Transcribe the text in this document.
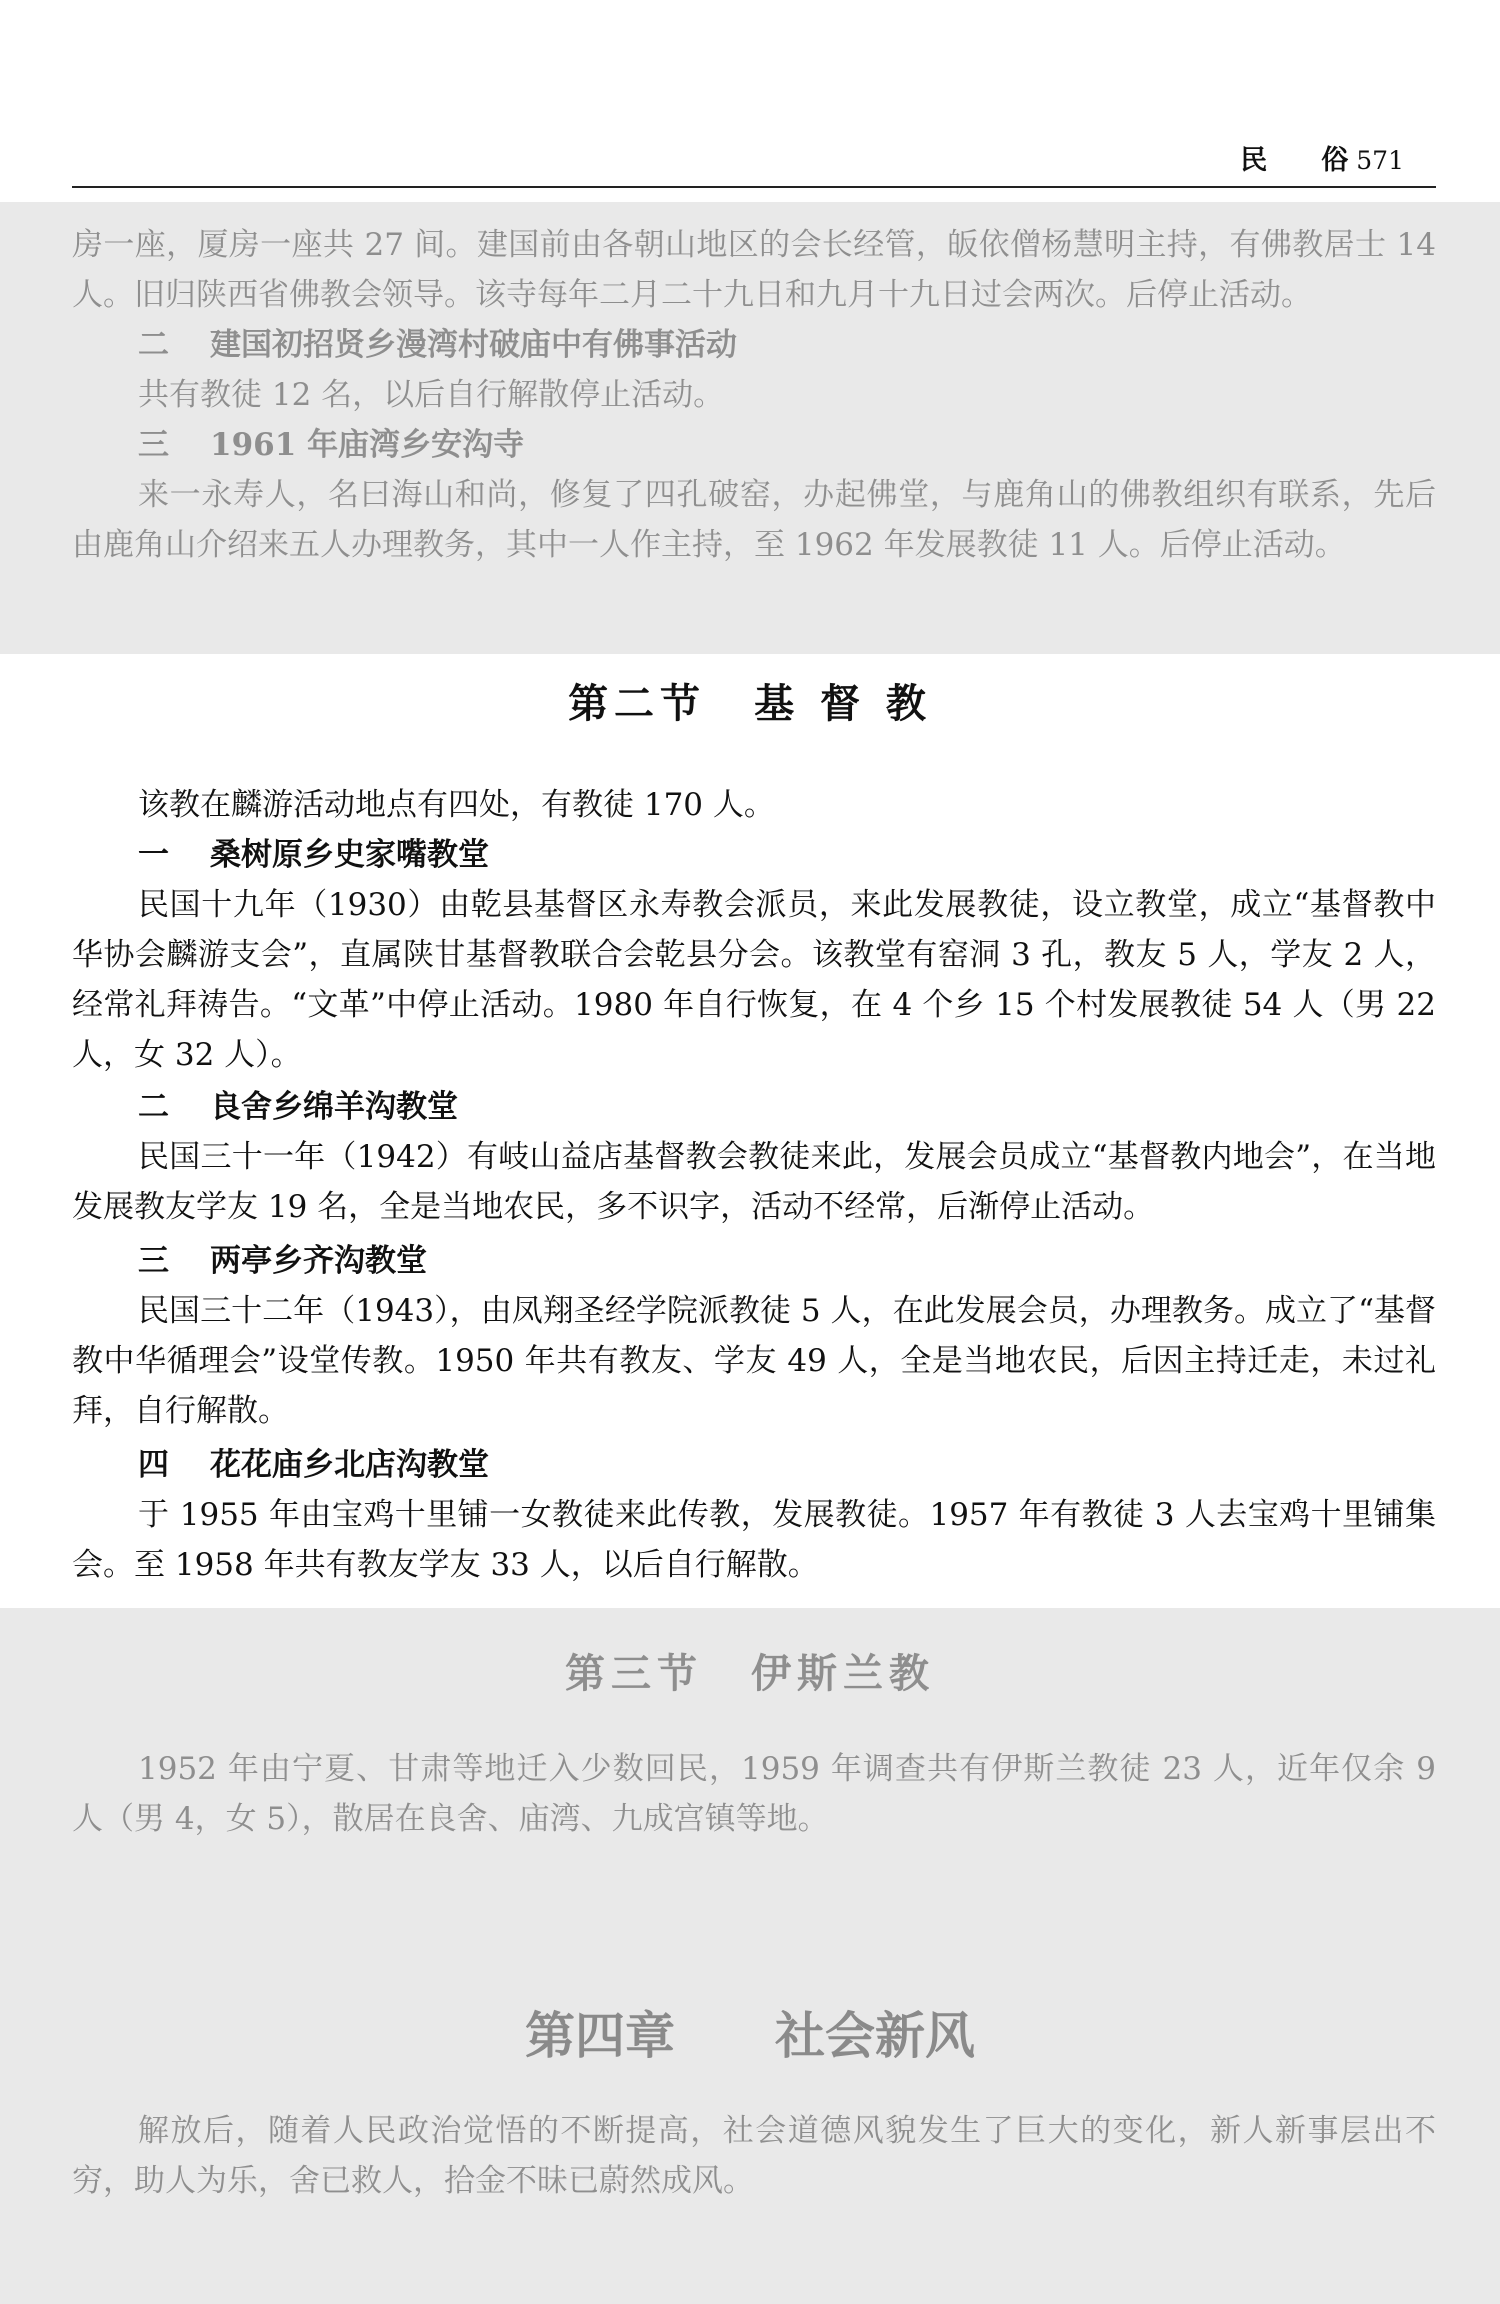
民 俗 571

房一座，厦房一座共 27 间。建国前由各朝山地区的会长经管，皈依僧杨慧明主持，有佛教居士 14 人。旧归陕西省佛教会领导。该寺每年二月二十九日和九月十九日过会两次。后停止活动。

二 建国初招贤乡漫湾村破庙中有佛事活动

共有教徒 12 名，以后自行解散停止活动。

三 1961 年庙湾乡安沟寺

来一永寿人，名曰海山和尚，修复了四孔破窑，办起佛堂，与鹿角山的佛教组织有联系，先后由鹿角山介绍来五人办理教务，其中一人作主持，至 1962 年发展教徒 11 人。后停止活动。

第二节 基 督 教

该教在麟游活动地点有四处，有教徒 170 人。

一 桑树原乡史家嘴教堂

民国十九年（1930）由乾县基督区永寿教会派员，来此发展教徒，设立教堂，成立“基督教中华协会麟游支会”，直属陕甘基督教联合会乾县分会。该教堂有窑洞 3 孔，教友 5 人，学友 2 人，经常礼拜祷告。“文革”中停止活动。1980 年自行恢复，在 4 个乡 15 个村发展教徒 54 人（男 22 人，女 32 人）。

二 良舍乡绵羊沟教堂

民国三十一年（1942）有岐山益店基督教会教徒来此，发展会员成立“基督教内地会”，在当地发展教友学友 19 名，全是当地农民，多不识字，活动不经常，后渐停止活动。

三 两亭乡齐沟教堂

民国三十二年（1943），由凤翔圣经学院派教徒 5 人，在此发展会员，办理教务。成立了“基督教中华循理会”设堂传教。1950 年共有教友、学友 49 人，全是当地农民，后因主持迁走，未过礼拜，自行解散。

四 花花庙乡北店沟教堂

于 1955 年由宝鸡十里铺一女教徒来此传教，发展教徒。1957 年有教徒 3 人去宝鸡十里铺集会。至 1958 年共有教友学友 33 人，以后自行解散。

第三节 伊斯兰教

1952 年由宁夏、甘肃等地迁入少数回民，1959 年调查共有伊斯兰教徒 23 人，近年仅余 9 人（男 4，女 5），散居在良舍、庙湾、九成宫镇等地。

第四章 社会新风

解放后，随着人民政治觉悟的不断提高，社会道德风貌发生了巨大的变化，新人新事层出不穷，助人为乐，舍已救人，拾金不昧已蔚然成风。
